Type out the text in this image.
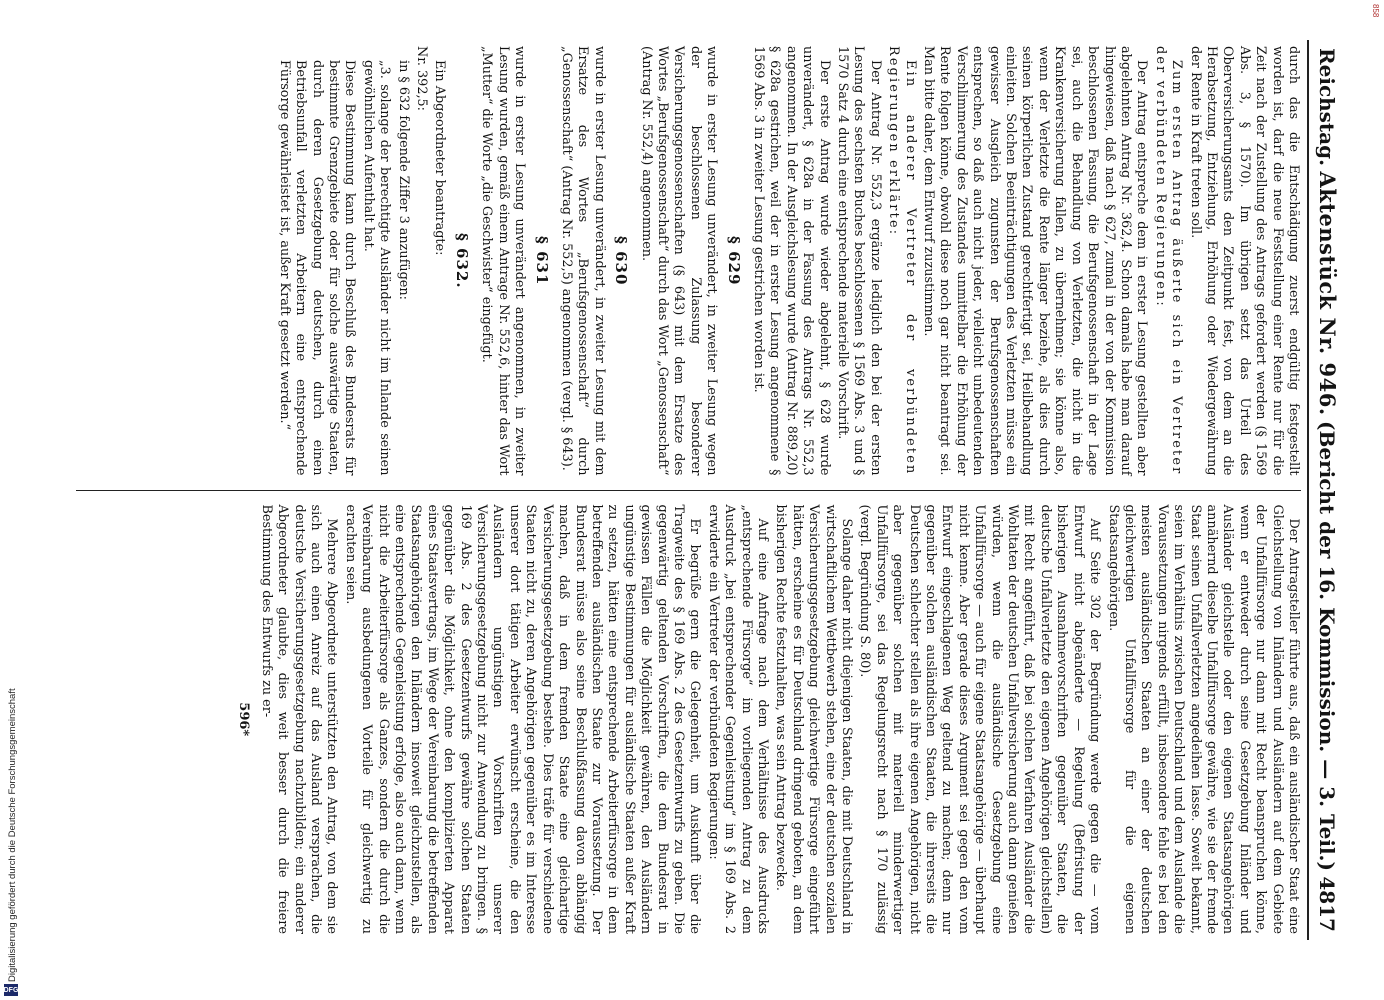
858
Digitalisierung gefördert durch die Deutsche Forschungsgemeinschaft
DFG
Reichstag.
Aktenstück Nr. 946.
(Bericht der 16. Kommission. — 3. Teil.)
4817

durch das die Entschädigung zuerst endgültig festgestellt worden ist, darf die neue Feststellung einer Rente nur für die Zeit nach der Zustellung des Antrags gefordert werden (§ 1569 Abs. 3, § 1570). Im übrigen setzt das Urteil des Oberversicherungsamts den Zeitpunkt fest, von dem an die Herabsetzung, Entziehung, Erhöhung oder Wiedergewährung der Rente in Kraft treten soll.

Zum ersten Antrag äußerte sich ein Vertreter der verbündeten Regierungen:

Der Antrag entspreche dem in erster Lesung gestellten aber abgelehnten Antrag Nr. 362,4. Schon damals habe man darauf hingewiesen, daß nach § 627, zumal in der von der Kommission beschlossenen Fassung, die Berufsgenossenschaft in der Lage sei, auch die Behandlung von Verletzten, die nicht in die Krankenversicherung fallen, zu übernehmen; sie könne also, wenn der Verletzte die Rente länger beziehe, als dies durch seinen körperlichen Zustand gerechtfertigt sei, Heilbehandlung einleiten. Solchen Beeinträchtigungen des Verletzten müsse ein gewisser Ausgleich zugunsten der Berufsgenossenschaften entsprechen, so daß auch nicht jeder, vielleicht unbedeutenden Verschlimmerung des Zustandes unmittelbar die Erhöhung der Rente folgen könne, obwohl diese noch gar nicht beantragt sei. Man bitte daher, dem Entwurf zuzustimmen.

Ein anderer Vertreter der verbündeten Regierungen erklärte:

Der Antrag Nr. 552,3 ergänze lediglich den bei der ersten Lesung des sechsten Buches beschlossenen § 1569 Abs. 3 und § 1570 Satz 4 durch eine entsprechende materielle Vorschrift.

Der erste Antrag wurde wieder abgelehnt, § 628 wurde unverändert, § 628a in der Fassung des Antrags Nr. 552,3 angenommen. In der Ausgleichslesung wurde (Antrag Nr. 889,20) § 628a gestrichen, weil der in erster Lesung angenommene § 1569 Abs. 3 in zweiter Lesung gestrichen worden ist.

§ 629

wurde in erster Lesung unverändert, in zweiter Lesung wegen der beschlossenen Zulassung besonderer Versicherungsgenossenschaften (§ 643) mit dem Ersatze des Wortes „Berufsgenossenschaft“ durch das Wort „Genossenschaft“ (Antrag Nr. 552,4) angenommen.

§ 630

wurde in erster Lesung unverändert, in zweiter Lesung mit dem Ersatze des Wortes „Berufsgenossenschaft“ durch „Genossenschaft“ (Antrag Nr. 552,5) angenommen (vergl. § 643).

§ 631

wurde in erster Lesung unverändert angenommen, in zweiter Lesung wurden, gemäß einem Antrage Nr. 552,6, hinter das Wort „Mutter“ die Worte „die Geschwister“ eingefügt.

§ 632.

Ein Abgeordneter beantragte:

Nr. 392,5:

in § 632 folgende Ziffer 3 anzufügen:

„3. solange der berechtigte Ausländer nicht im Inlande seinen gewöhnlichen Aufenthalt hat.

Diese Bestimmung kann durch Beschluß des Bundesrats für bestimmte Grenzgebiete oder für solche auswärtige Staaten, durch deren Gesetzgebung deutschen, durch einen Betriebsunfall verletzten Arbeitern eine entsprechende Fürsorge gewährleistet ist, außer Kraft gesetzt werden.“

Der Antragsteller führte aus, daß ein ausländischer Staat eine Gleichstellung von Inländern und Ausländern auf dem Gebiete der Unfallfürsorge nur dann mit Recht beanspruchen könne, wenn er entweder durch seine Gesetzgebung Inländer und Ausländer gleichstelle oder den eigenen Staatsangehörigen annähernd dieselbe Unfallfürsorge gewähre, wie sie der fremde Staat seinen Unfallverletzten angedeihen lasse. Soweit bekannt, seien im Verhältnis zwischen Deutschland und dem Auslande die Voraussetzungen nirgends erfüllt, insbesondere fehle es bei den meisten ausländischen Staaten an einer der deutschen gleichwertigen Unfallfürsorge für die eigenen Staatsangehörigen.

Auf Seite 302 der Begründung werde gegen die — vom Entwurf nicht abgeänderte — Regelung (Befristung der bisherigen Ausnahmevorschriften gegenüber Staaten, die deutsche Unfallverletzte den eigenen Angehörigen gleichstellen) mit Recht angeführt, daß bei solchen Verfahren Ausländer die Wohltaten der deutschen Unfallversicherung auch dann genießen würden, wenn die ausländische Gesetzgebung eine Unfallfürsorge — auch für eigene Staatsangehörige — überhaupt nicht kenne. Aber gerade dieses Argument sei gegen den vom Entwurf eingeschlagenen Weg geltend zu machen; denn nur gegenüber solchen ausländischen Staaten, die ihrerseits die Deutschen schlechter stellen als ihre eigenen Angehörigen, nicht aber gegenüber solchen mit materiell minderwertiger Unfallfürsorge, sei das Regelungsrecht nach § 170 zulässig (vergl. Begründung S. 80).

Solange daher nicht diejenigen Staaten, die mit Deutschland in wirtschaftlichem Wettbewerb stehen, eine der deutschen sozialen Versicherungsgesetzgebung gleichwertige Fürsorge eingeführt hätten, erscheine es für Deutschland dringend geboten, an dem bisherigen Rechte festzuhalten, was sein Antrag bezwecke.

Auf eine Anfrage nach dem Verhältnisse des Ausdrucks „entsprechende Fürsorge“ im vorliegenden Antrag zu dem Ausdruck „bei entsprechender Gegenleistung“ im § 169 Abs. 2 erwiderte ein Vertreter der verbündeten Regierungen:

Er begrüße gern die Gelegenheit, um Auskunft über die Tragweite des § 169 Abs. 2 des Gesetzentwurfs zu geben. Die gegenwärtig geltenden Vorschriften, die dem Bundesrat in gewissen Fällen die Möglichkeit gewähren, den Ausländern ungünstige Bestimmungen für ausländische Staaten außer Kraft zu setzen, hätten eine entsprechende Arbeiterfürsorge in dem betreffenden ausländischen Staate zur Voraussetzung. Der Bundesrat müsse also seine Beschlußfassung davon abhängig machen, daß in dem fremden Staate eine gleichartige Versicherungsgesetzgebung bestehe. Dies träfe für verschiedene Staaten nicht zu, deren Angehörigen gegenüber es im Interesse unserer dort tätigen Arbeiter erwünscht erscheine, die den Ausländern ungünstigen Vorschriften unserer Versicherungsgesetzgebung nicht zur Anwendung zu bringen. § 169 Abs. 2 des Gesetzentwurfs gewähre solchen Staaten gegenüber die Möglichkeit, ohne den komplizierten Apparat eines Staatsvertrags, im Wege der Vereinbarung die betreffenden Staatsangehörigen den Inländern insoweit gleichzustellen, als eine entsprechende Gegenleistung erfolge, also auch dann, wenn nicht die Arbeiterfürsorge als Ganzes, sondern die durch die Vereinbarung ausbedungenen Vorteile für gleichwertig zu erachten seien.

Mehrere Abgeordnete unterstützten den Antrag, von dem sie sich auch einen Anreiz auf das Ausland versprachen, die deutsche Versicherungsgesetzgebung nachzubilden; ein anderer Abgeordneter glaubte, dies weit besser durch die freiere Bestimmung des Entwurfs zu er-

596*
